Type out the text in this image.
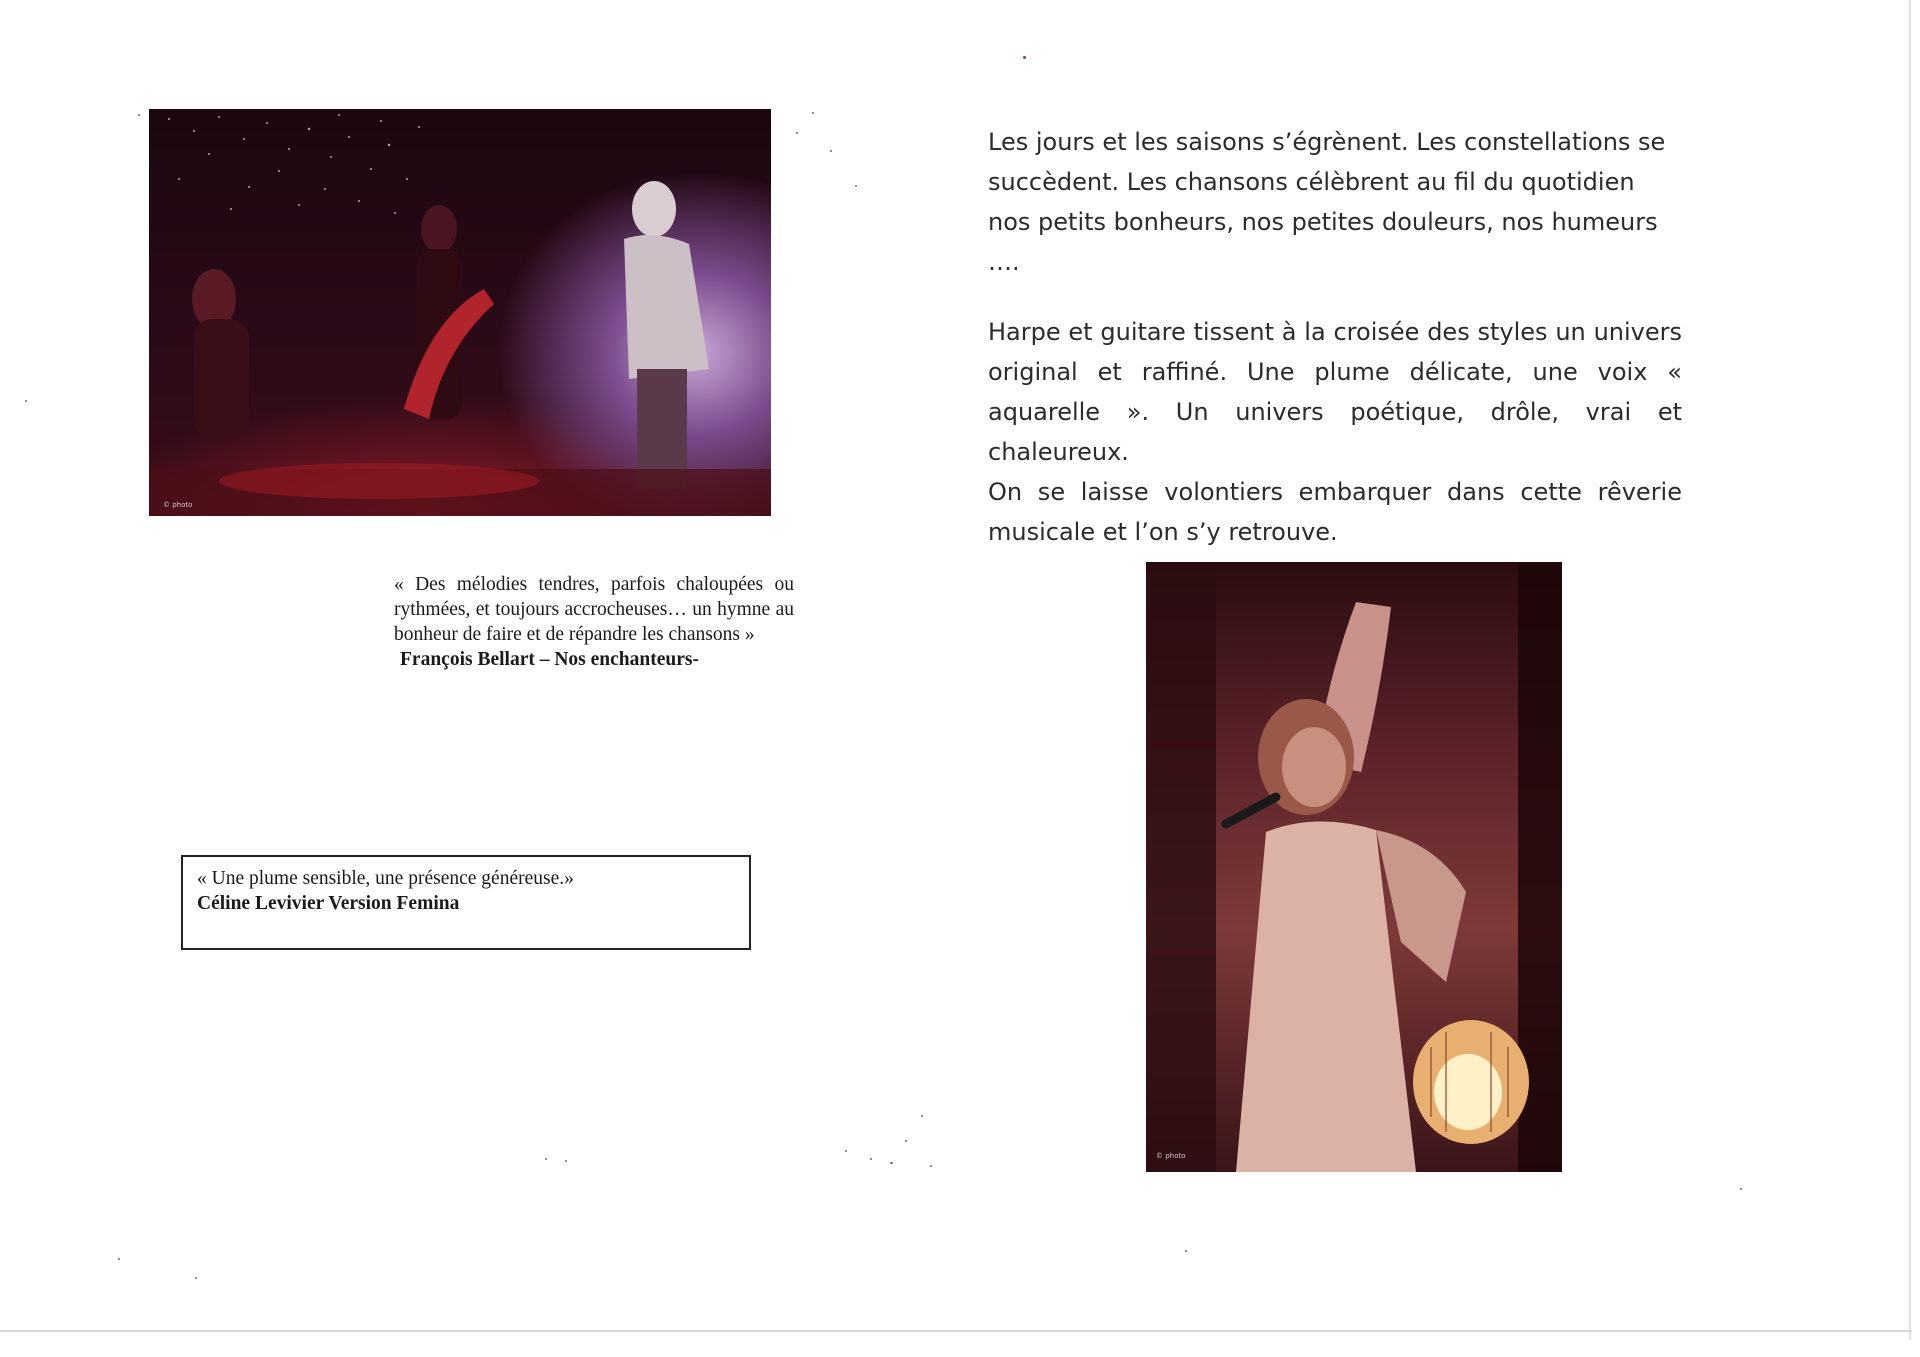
© photo

Les jours et les saisons s’égrènent. Les constellations se succèdent. Les chansons célèbrent au fil du quotidien nos petits bonheurs, nos petites douleurs, nos humeurs ….

Harpe et guitare tissent à la croisée des styles un univers original et raffiné. Une plume délicate, une voix « aquarelle ». Un univers poétique, drôle, vrai et chaleureux.

On se laisse volontiers embarquer dans cette rêverie musicale et l’on s’y retrouve.

« Des mélodies tendres, parfois chaloupées ou rythmées, et toujours accrocheuses… un hymne au bonheur de faire et de répandre les chansons »
François Bellart – Nos enchanteurs-
« Une plume sensible, une présence généreuse.»
Céline Levivier Version Femina
© photo
